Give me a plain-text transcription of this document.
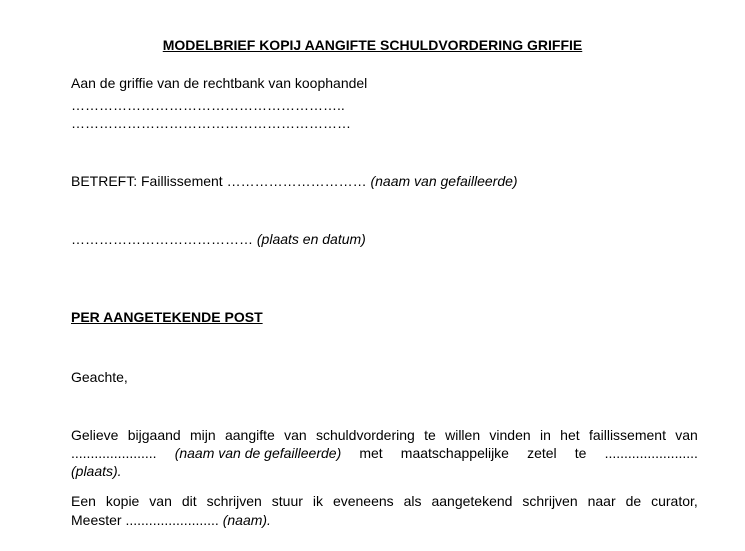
MODELBRIEF KOPIJ AANGIFTE SCHULDVORDERING GRIFFIE
Aan de griffie van de rechtbank van koophandel
…………………………………………………..
……………………………………………………
BETREFT: Faillissement ………………………… (naam van gefailleerde)
………………………………… (plaats en datum)
PER AANGETEKENDE POST
Geachte,
Gelieve bijgaand mijn aangifte van schuldvordering te willen vinden in het faillissement van
...................... (naam van de gefailleerde) met maatschappelijke zetel te ........................
(plaats).
Een kopie van dit schrijven stuur ik eveneens als aangetekend schrijven naar de curator,
Meester ........................ (naam).
